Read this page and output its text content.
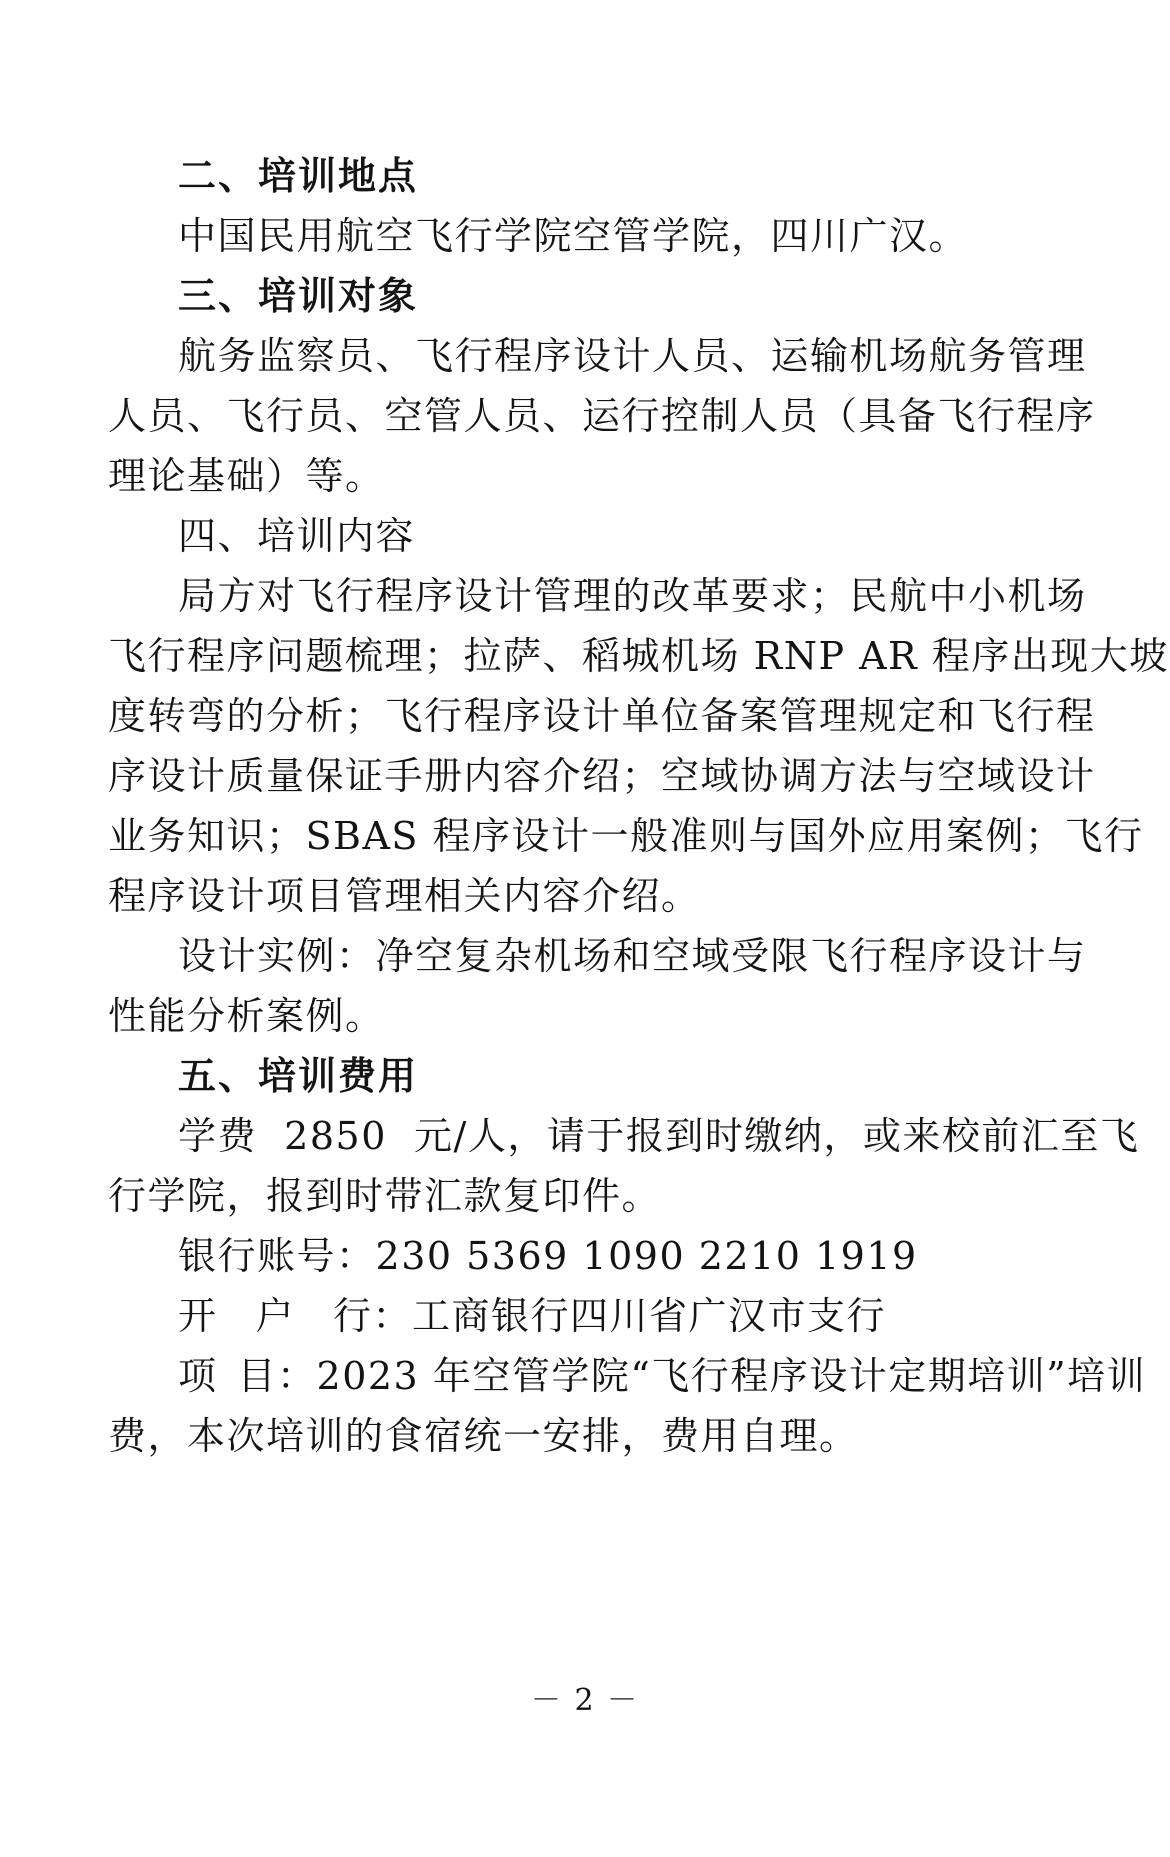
二、培训地点
中国民用航空飞行学院空管学院，四川广汉。
三、培训对象
航务监察员、飞行程序设计人员、运输机场航务管理
人员、飞行员、空管人员、运行控制人员（具备飞行程序
理论基础）等。
四、培训内容
局方对飞行程序设计管理的改革要求；民航中小机场
飞行程序问题梳理；拉萨、稻城机场 RNP AR 程序出现大坡
度转弯的分析；飞行程序设计单位备案管理规定和飞行程
序设计质量保证手册内容介绍；空域协调方法与空域设计
业务知识；SBAS 程序设计一般准则与国外应用案例；飞行
程序设计项目管理相关内容介绍。
设计实例：净空复杂机场和空域受限飞行程序设计与
性能分析案例。
五、培训费用
学费  2850  元/人，请于报到时缴纳，或来校前汇至飞
行学院，报到时带汇款复印件。
银行账号：230 5369 1090 2210 1919
开 户 行：工商银行四川省广汉市支行
项 目：2023 年空管学院“飞行程序设计定期培训”培训
费，本次培训的食宿统一安排，费用自理。
－ 2 －
